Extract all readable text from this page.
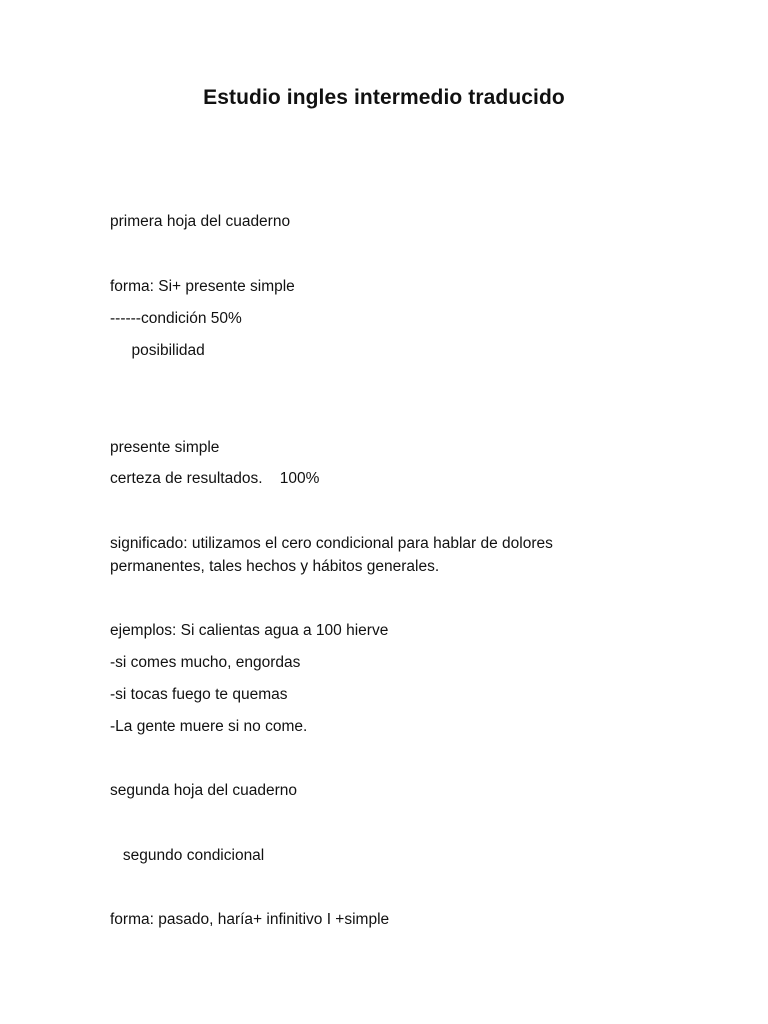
Estudio ingles intermedio traducido

primera hoja del cuaderno

forma: Si+ presente simple

------condición 50%

posibilidad

presente simple

certeza de resultados.    100%

significado: utilizamos el cero condicional para hablar de dolores permanentes, tales hechos y hábitos generales.

ejemplos: Si calientas agua a 100 hierve

-si comes mucho, engordas

-si tocas fuego te quemas

-La gente muere si no come.

segunda hoja del cuaderno

segundo condicional

forma: pasado, haría+ infinitivo I +simple
